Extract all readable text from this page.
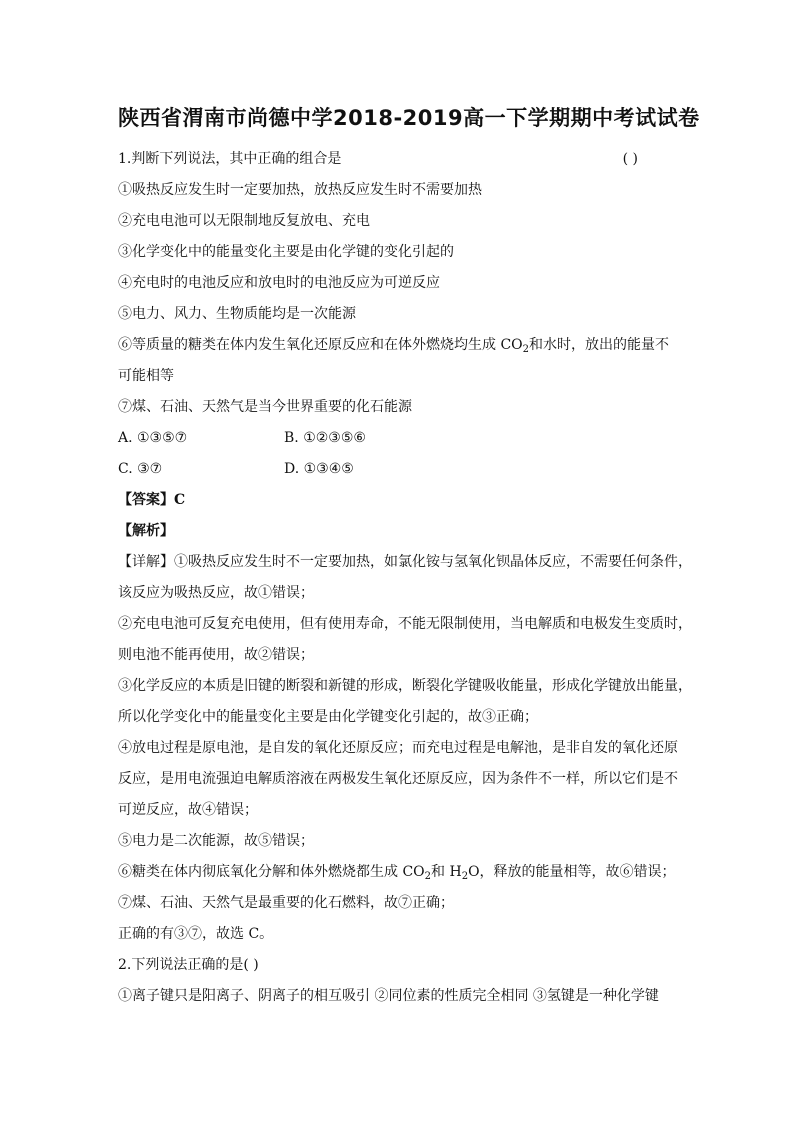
陕西省渭南市尚德中学2018-2019高一下学期期中考试试卷
1.判断下列说法，其中正确的组合是	( )
①吸热反应发生时一定要加热，放热反应发生时不需要加热
②充电电池可以无限制地反复放电、充电
③化学变化中的能量变化主要是由化学键的变化引起的
④充电时的电池反应和放电时的电池反应为可逆反应
⑤电力、风力、生物质能均是一次能源
⑥等质量的糖类在体内发生氧化还原反应和在体外燃烧均生成 $CO_2$和水时，放出的能量不
可能相等
⑦煤、石油、天然气是当今世界重要的化石能源
A. ①③⑤⑦	B. ①②③⑤⑥
C. ③⑦	D. ①③④⑤
【答案】C
【解析】
【详解】①吸热反应发生时不一定要加热，如氯化铵与氢氧化钡晶体反应，不需要任何条件，
该反应为吸热反应，故①错误；
②充电电池可反复充电使用，但有使用寿命，不能无限制使用，当电解质和电极发生变质时，
则电池不能再使用，故②错误；
③化学反应的本质是旧键的断裂和新键的形成，断裂化学键吸收能量，形成化学键放出能量，
所以化学变化中的能量变化主要是由化学键变化引起的，故③正确；
④放电过程是原电池，是自发的氧化还原反应；而充电过程是电解池，是非自发的氧化还原
反应，是用电流强迫电解质溶液在两极发生氧化还原反应，因为条件不一样，所以它们是不
可逆反应，故④错误；
⑤电力是二次能源，故⑤错误；
⑥糖类在体内彻底氧化分解和体外燃烧都生成 $CO_2$和 $H_2O$，释放的能量相等，故⑥错误；
⑦煤、石油、天然气是最重要的化石燃料，故⑦正确；
正确的有③⑦，故选 C。
2.下列说法正确的是( )
①离子键只是阳离子、阴离子的相互吸引 ②同位素的性质完全相同 ③氢键是一种化学键
